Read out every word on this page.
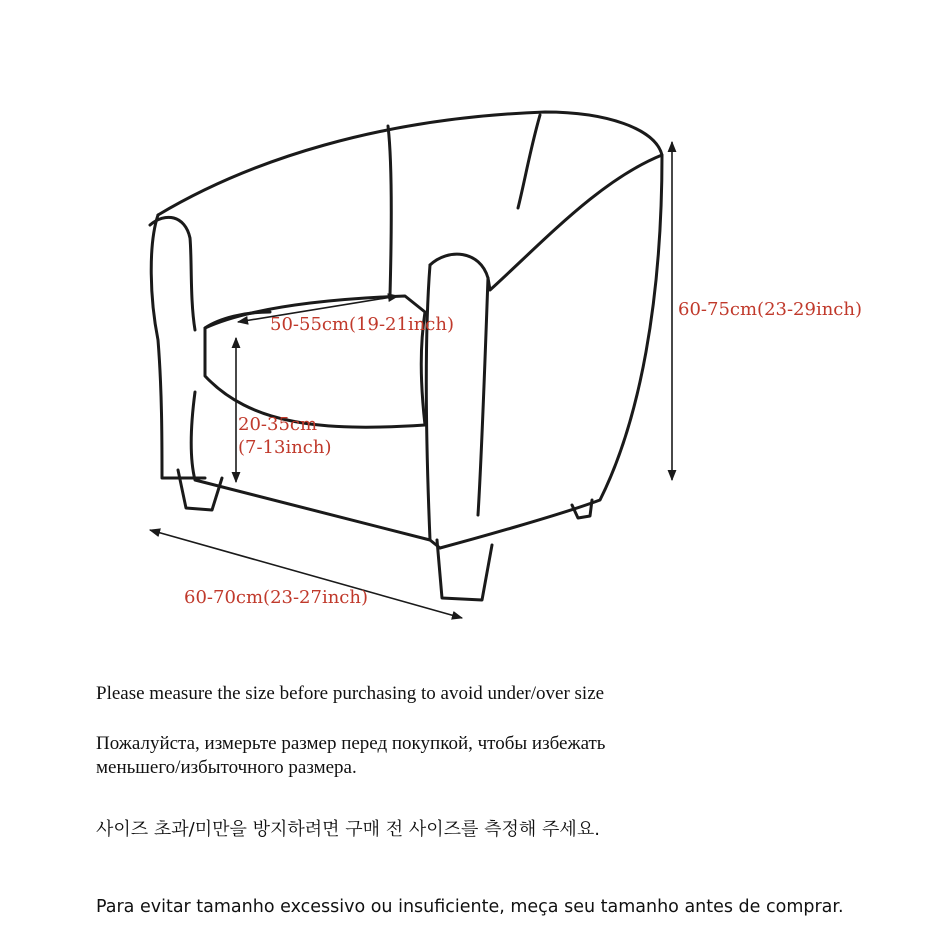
50-55cm(19-21inch)
20-35cm
(7-13inch)
60-75cm(23-29inch)
60-70cm(23-27inch)
Please measure the size before purchasing to avoid under/over size
Пожалуйста, измерьте размер перед покупкой, чтобы избежать
меньшего/избыточного размера.
사이즈 초과/미만을 방지하려면 구매 전 사이즈를 측정해 주세요.
Para evitar tamanho excessivo ou insuficiente, meça seu tamanho antes de comprar.
